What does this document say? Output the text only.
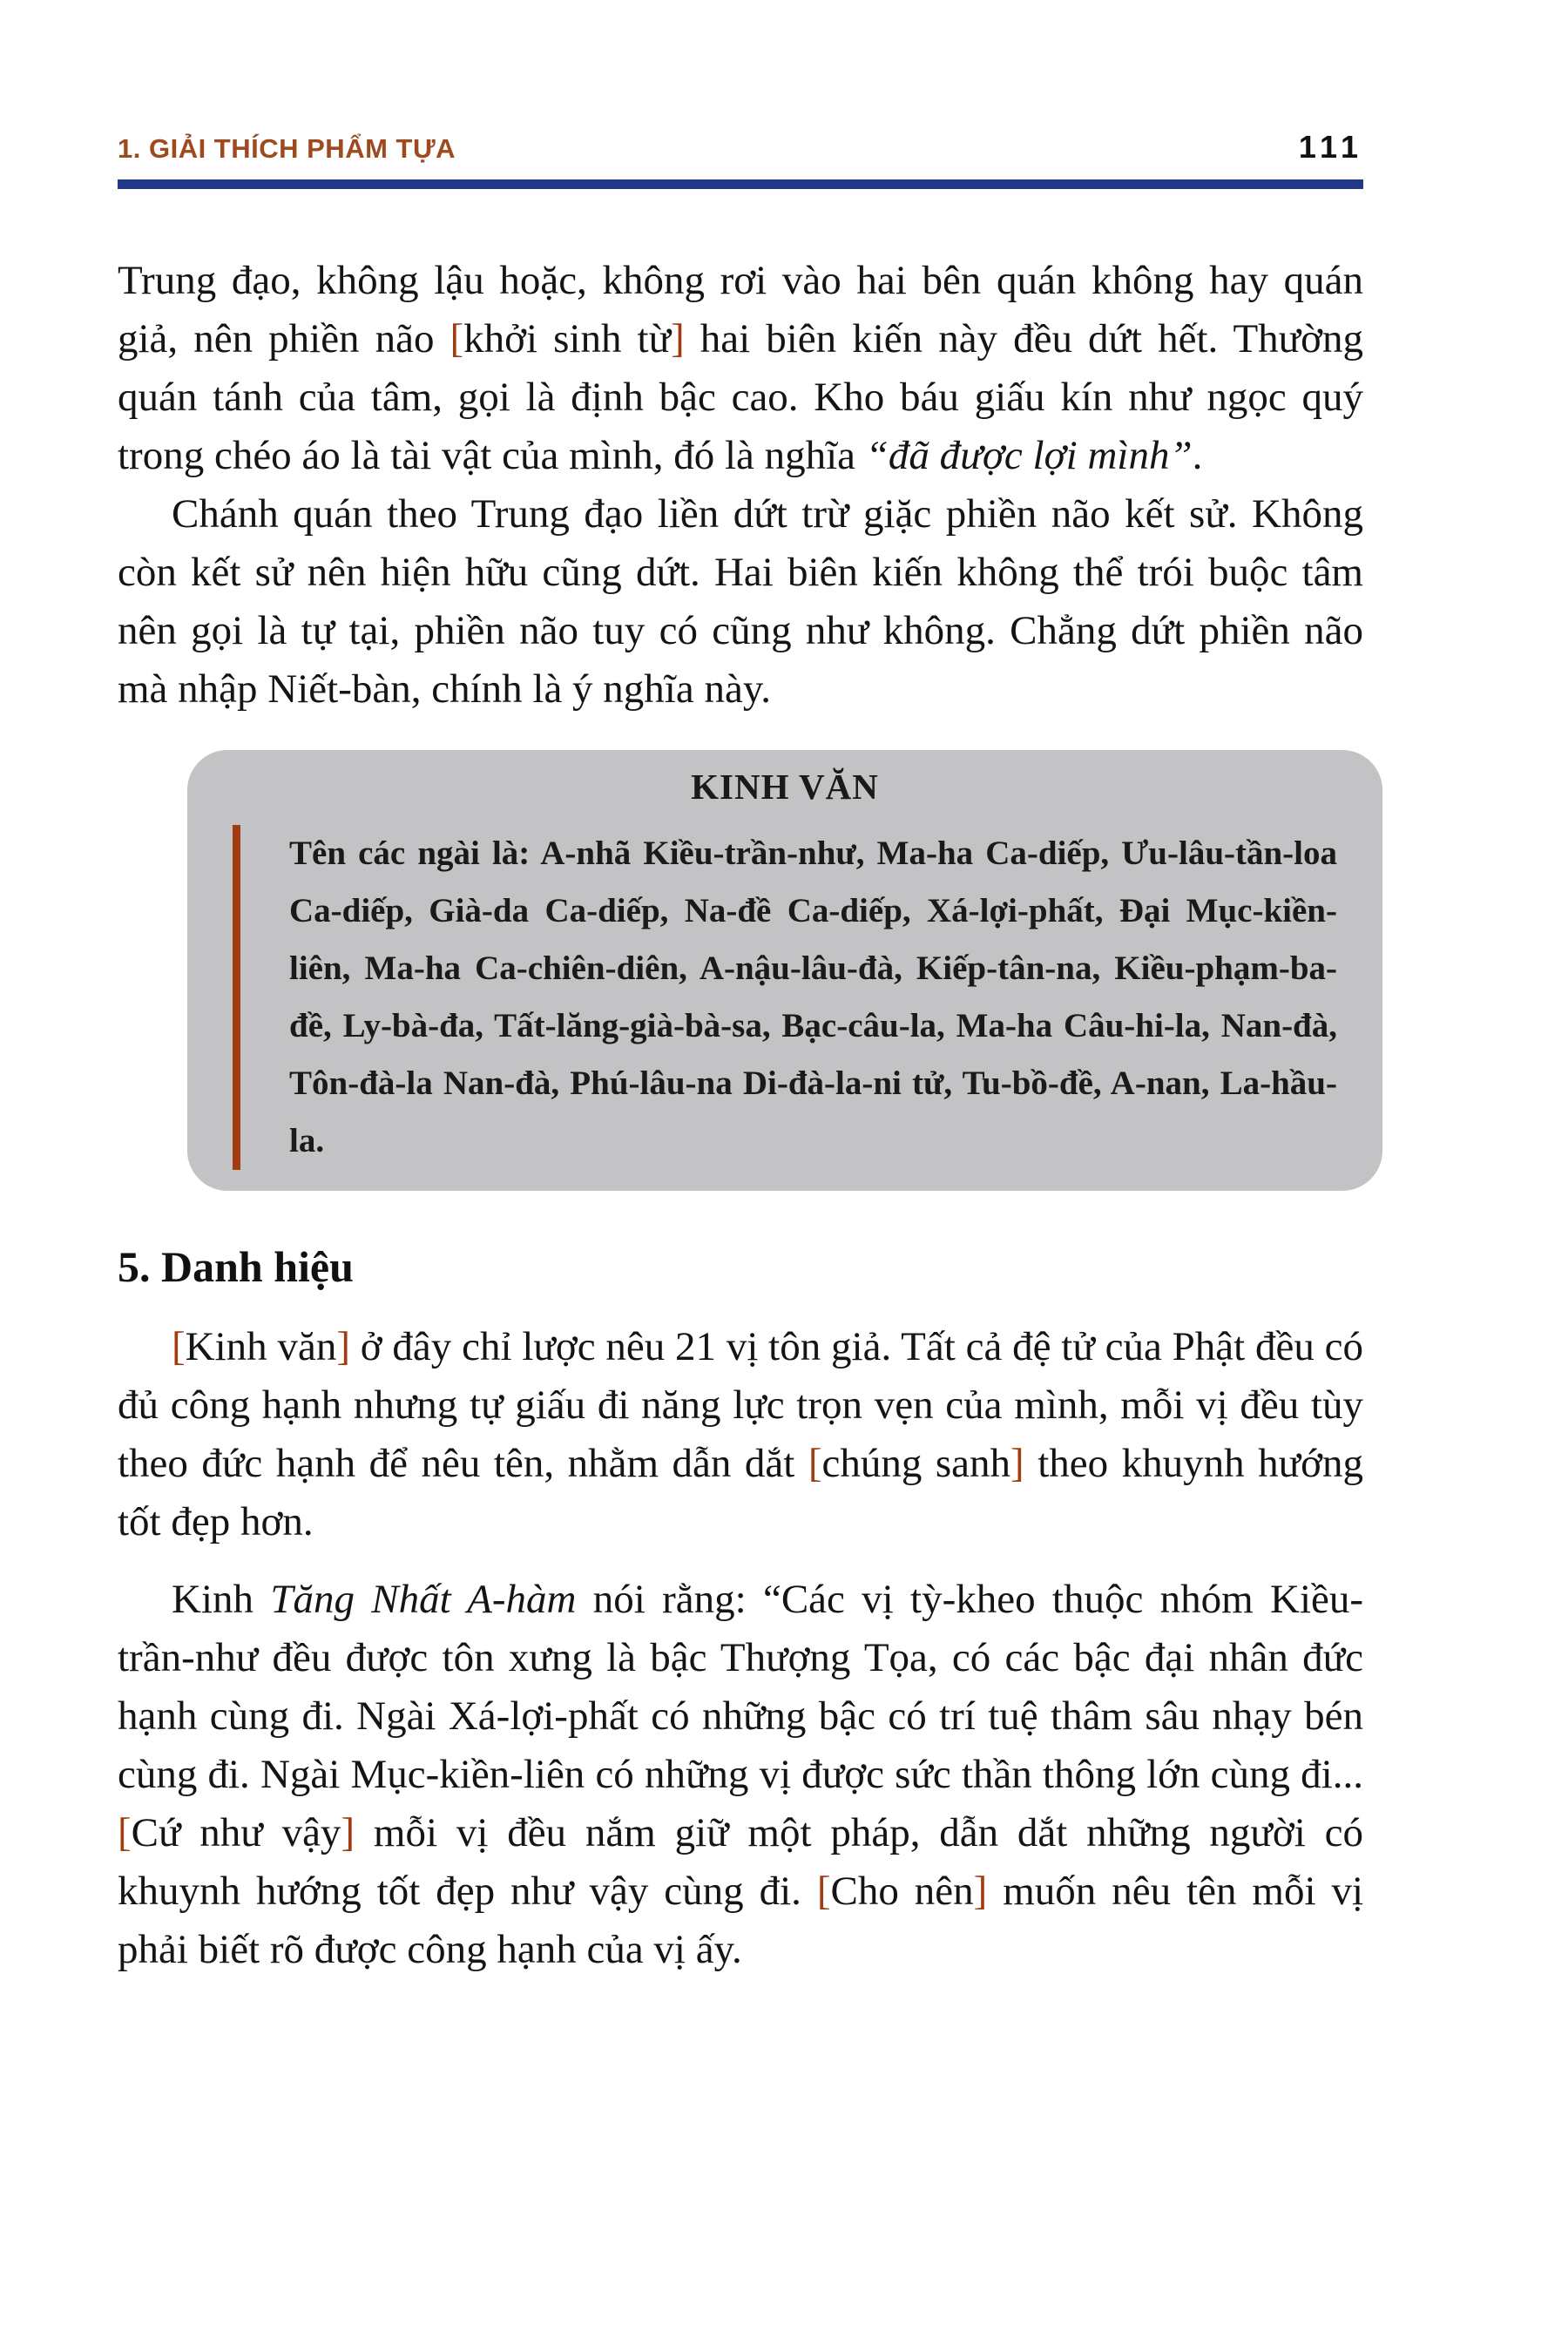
1. GIẢI THÍCH PHẨM TỰA	111

Trung đạo, không lậu hoặc, không rơi vào hai bên quán không hay quán giả, nên phiền não [khởi sinh từ] hai biên kiến này đều dứt hết. Thường quán tánh của tâm, gọi là định bậc cao. Kho báu giấu kín như ngọc quý trong chéo áo là tài vật của mình, đó là nghĩa “đã được lợi mình”.

Chánh quán theo Trung đạo liền dứt trừ giặc phiền não kết sử. Không còn kết sử nên hiện hữu cũng dứt. Hai biên kiến không thể trói buộc tâm nên gọi là tự tại, phiền não tuy có cũng như không. Chẳng dứt phiền não mà nhập Niết-bàn, chính là ý nghĩa này.

KINH VĂN

Tên các ngài là: A-nhã Kiều-trần-như, Ma-ha Ca-diếp, Ưu-lâu-tần-loa Ca-diếp, Già-da Ca-diếp, Na-đề Ca-diếp, Xá-lợi-phất, Đại Mục-kiền-liên, Ma-ha Ca-chiên-diên, A-nậu-lâu-đà, Kiếp-tân-na, Kiều-phạm-ba-đề, Ly-bà-đa, Tất-lăng-già-bà-sa, Bạc-câu-la, Ma-ha Câu-hi-la, Nan-đà, Tôn-đà-la Nan-đà, Phú-lâu-na Di-đà-la-ni tử, Tu-bồ-đề, A-nan, La-hầu-la.

5. Danh hiệu

[Kinh văn] ở đây chỉ lược nêu 21 vị tôn giả. Tất cả đệ tử của Phật đều có đủ công hạnh nhưng tự giấu đi năng lực trọn vẹn của mình, mỗi vị đều tùy theo đức hạnh để nêu tên, nhằm dẫn dắt [chúng sanh] theo khuynh hướng tốt đẹp hơn.

Kinh Tăng Nhất A-hàm nói rằng: “Các vị tỳ-kheo thuộc nhóm Kiều-trần-như đều được tôn xưng là bậc Thượng Tọa, có các bậc đại nhân đức hạnh cùng đi. Ngài Xá-lợi-phất có những bậc có trí tuệ thâm sâu nhạy bén cùng đi. Ngài Mục-kiền-liên có những vị được sức thần thông lớn cùng đi... [Cứ như vậy] mỗi vị đều nắm giữ một pháp, dẫn dắt những người có khuynh hướng tốt đẹp như vậy cùng đi. [Cho nên] muốn nêu tên mỗi vị phải biết rõ được công hạnh của vị ấy.
